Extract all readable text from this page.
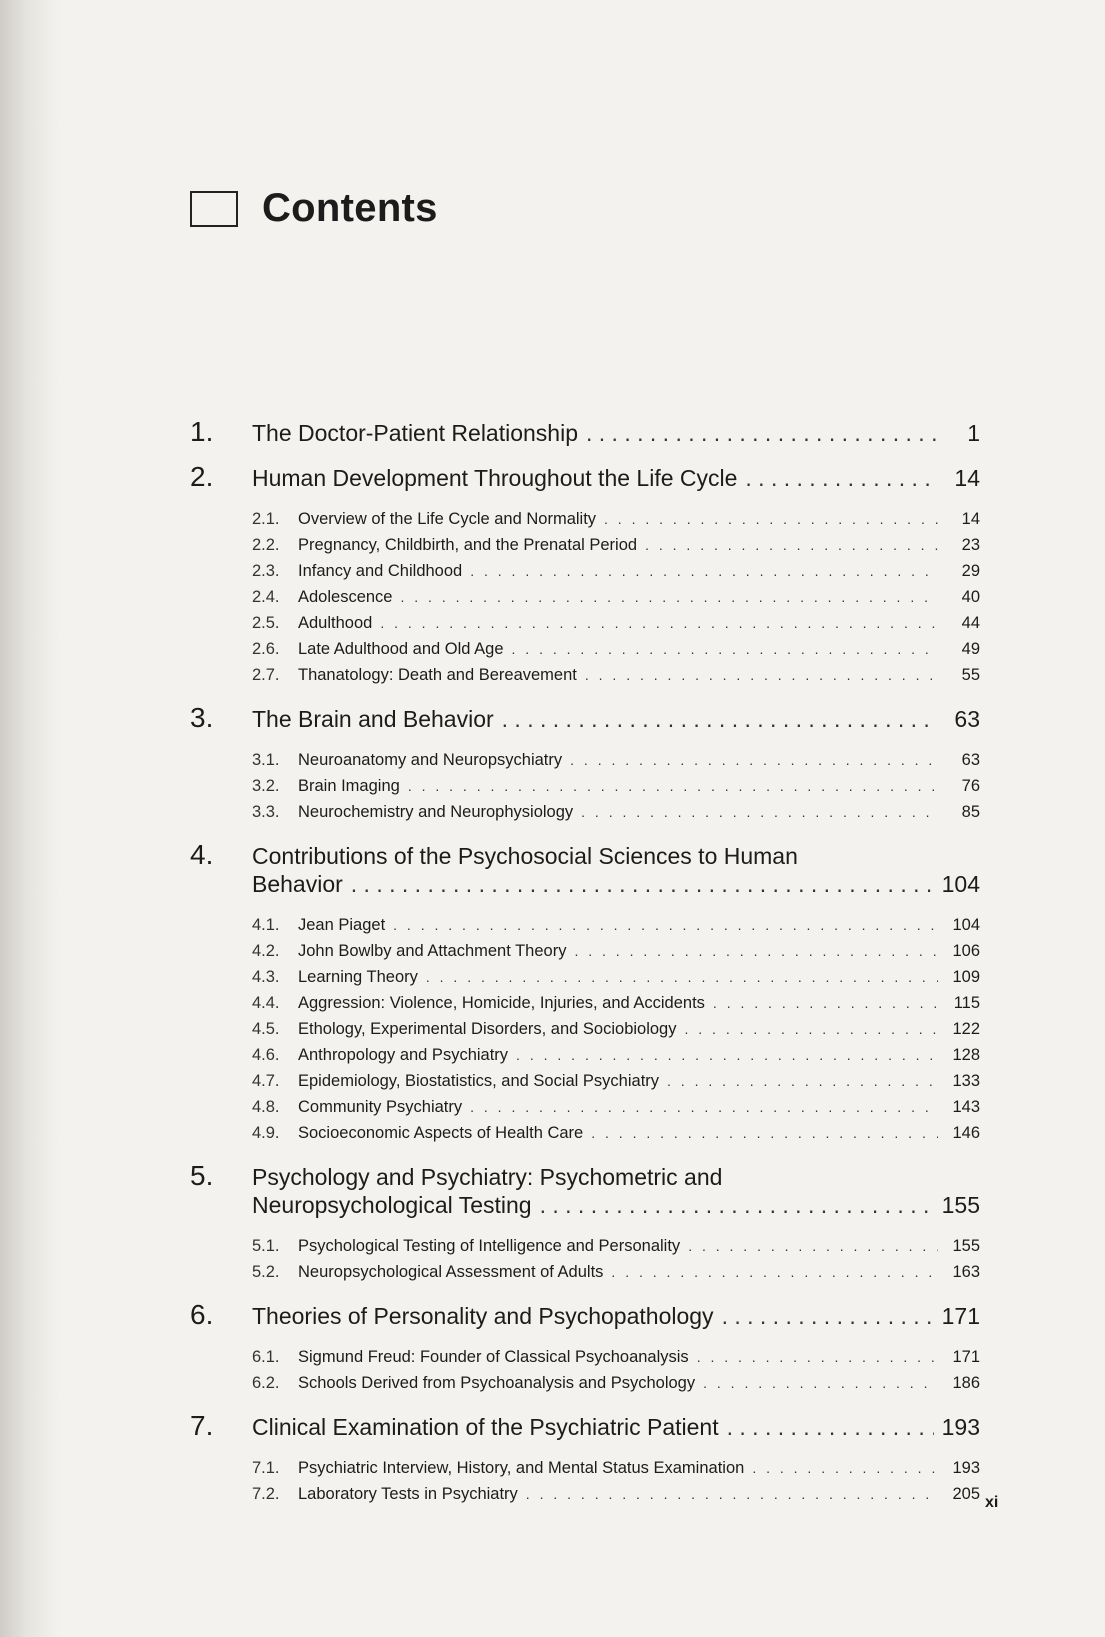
Contents
1.	The Doctor-Patient Relationship . . .	1
2.	Human Development Throughout the Life Cycle . . .	14
2.1.	Overview of the Life Cycle and Normality . . .	14
2.2.	Pregnancy, Childbirth, and the Prenatal Period . . .	23
2.3.	Infancy and Childhood . . .	29
2.4.	Adolescence . . .	40
2.5.	Adulthood . . .	44
2.6.	Late Adulthood and Old Age . . .	49
2.7.	Thanatology: Death and Bereavement . . .	55
3.	The Brain and Behavior . . .	63
3.1.	Neuroanatomy and Neuropsychiatry . . .	63
3.2.	Brain Imaging . . .	76
3.3.	Neurochemistry and Neurophysiology . . .	85
4.	Contributions of the Psychosocial Sciences to Human
Behavior . . .	104
4.1.	Jean Piaget . . .	104
4.2.	John Bowlby and Attachment Theory . . .	106
4.3.	Learning Theory . . .	109
4.4.	Aggression: Violence, Homicide, Injuries, and Accidents . . .	115
4.5.	Ethology, Experimental Disorders, and Sociobiology . . .	122
4.6.	Anthropology and Psychiatry . . .	128
4.7.	Epidemiology, Biostatistics, and Social Psychiatry . . .	133
4.8.	Community Psychiatry . . .	143
4.9.	Socioeconomic Aspects of Health Care . . .	146
5.	Psychology and Psychiatry: Psychometric and
Neuropsychological Testing . . .	155
5.1.	Psychological Testing of Intelligence and Personality . . .	155
5.2.	Neuropsychological Assessment of Adults . . .	163
6.	Theories of Personality and Psychopathology . . .	171
6.1.	Sigmund Freud: Founder of Classical Psychoanalysis . . .	171
6.2.	Schools Derived from Psychoanalysis and Psychology . . .	186
7.	Clinical Examination of the Psychiatric Patient . . .	193
7.1.	Psychiatric Interview, History, and Mental Status Examination . . .	193
7.2.	Laboratory Tests in Psychiatry . . .	205 xi
